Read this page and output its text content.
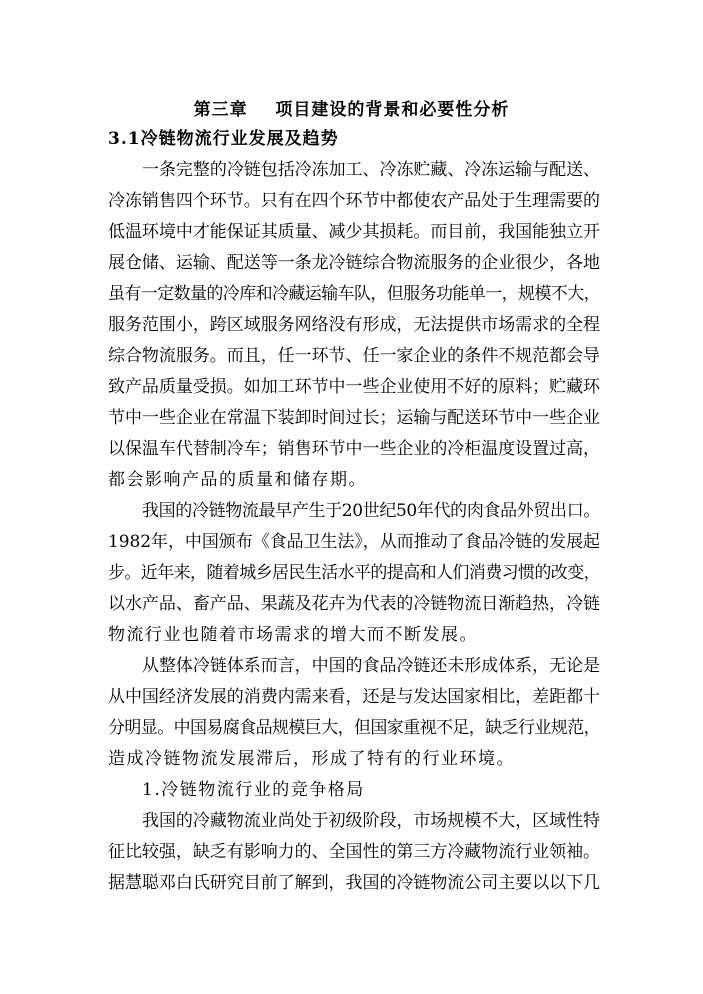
第三章    项目建设的背景和必要性分析
3.1冷链物流行业发展及趋势
一条完整的冷链包括冷冻加工、冷冻贮藏、冷冻运输与配送、
冷冻销售四个环节。只有在四个环节中都使农产品处于生理需要的
低温环境中才能保证其质量、减少其损耗。而目前，我国能独立开
展仓储、运输、配送等一条龙冷链综合物流服务的企业很少，各地
虽有一定数量的冷库和冷藏运输车队，但服务功能单一，规模不大，
服务范围小，跨区域服务网络没有形成，无法提供市场需求的全程
综合物流服务。而且，任一环节、任一家企业的条件不规范都会导
致产品质量受损。如加工环节中一些企业使用不好的原料；贮藏环
节中一些企业在常温下装卸时间过长；运输与配送环节中一些企业
以保温车代替制冷车；销售环节中一些企业的冷柜温度设置过高，
都会影响产品的质量和储存期。
我国的冷链物流最早产生于20世纪50年代的肉食品外贸出口。
1982年，中国颁布《食品卫生法》，从而推动了食品冷链的发展起
步。近年来，随着城乡居民生活水平的提高和人们消费习惯的改变，
以水产品、畜产品、果蔬及花卉为代表的冷链物流日渐趋热，冷链
物流行业也随着市场需求的增大而不断发展。
从整体冷链体系而言，中国的食品冷链还未形成体系，无论是
从中国经济发展的消费内需来看，还是与发达国家相比，差距都十
分明显。中国易腐食品规模巨大，但国家重视不足，缺乏行业规范，
造成冷链物流发展滞后，形成了特有的行业环境。
1.冷链物流行业的竞争格局
我国的冷藏物流业尚处于初级阶段，市场规模不大，区域性特
征比较强，缺乏有影响力的、全国性的第三方冷藏物流行业领袖。
据慧聪邓白氏研究目前了解到，我国的冷链物流公司主要以以下几
